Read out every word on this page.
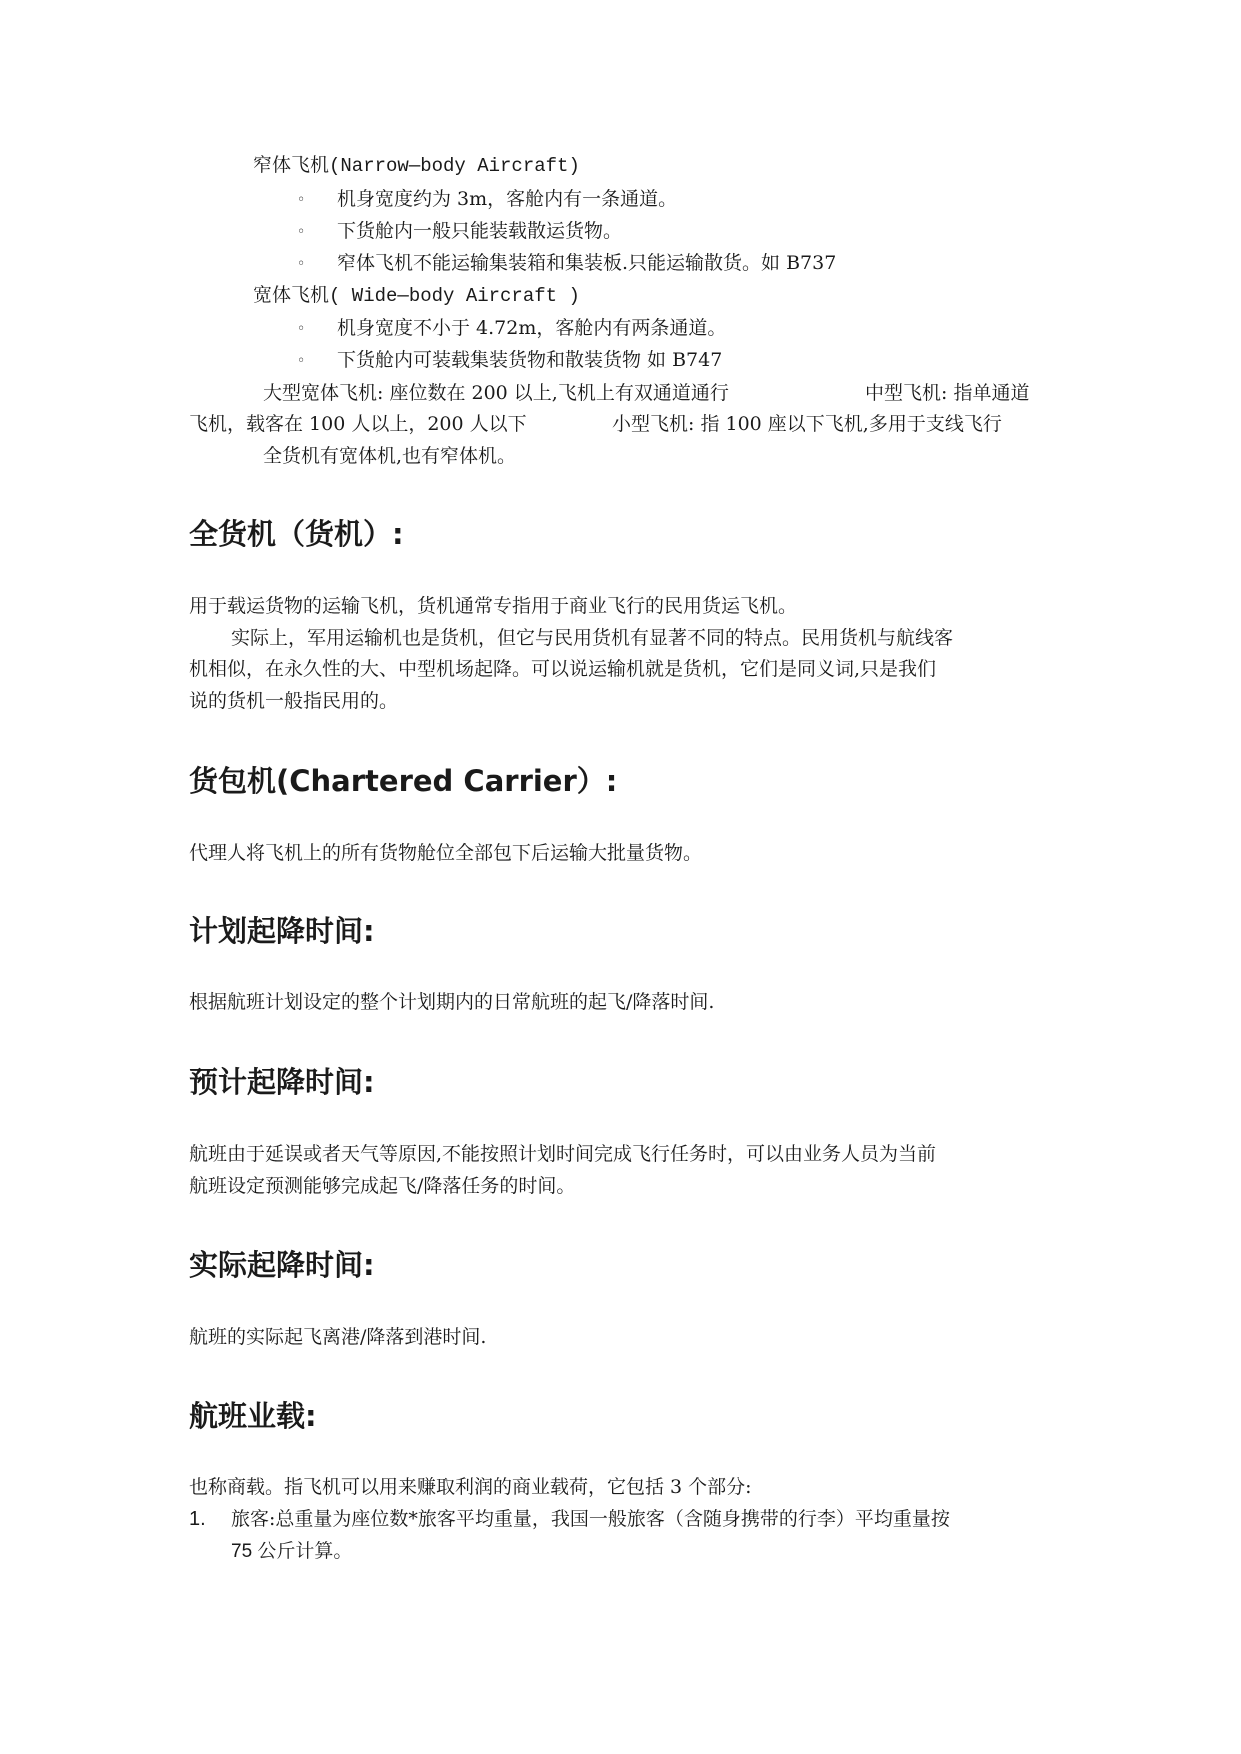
窄体飞机(Narrow—body Aircraft)
◦ 机身宽度约为 3m，客舱内有一条通道。
◦ 下货舱内一般只能装载散运货物。
◦ 窄体飞机不能运输集装箱和集装板.只能运输散货。如 B737
宽体飞机( Wide—body Aircraft )
◦ 机身宽度不小于 4.72m，客舱内有两条通道。
◦ 下货舱内可装载集装货物和散装货物 如 B747
大型宽体飞机: 座位数在 200 以上,飞机上有双通道通行	中型飞机: 指单通道
飞机，载客在 100 人以上，200 人以下	小型飞机: 指 100 座以下飞机,多用于支线飞行
全货机有宽体机,也有窄体机。
全货机（货机）:
用于载运货物的运输飞机，货机通常专指用于商业飞行的民用货运飞机。
实际上，军用运输机也是货机，但它与民用货机有显著不同的特点。民用货机与航线客
机相似，在永久性的大、中型机场起降。可以说运输机就是货机，它们是同义词,只是我们
说的货机一般指民用的。
货包机(Chartered Carrier）:
代理人将飞机上的所有货物舱位全部包下后运输大批量货物。
计划起降时间:
根据航班计划设定的整个计划期内的日常航班的起飞/降落时间.
预计起降时间:
航班由于延误或者天气等原因,不能按照计划时间完成飞行任务时，可以由业务人员为当前
航班设定预测能够完成起飞/降落任务的时间。
实际起降时间:
航班的实际起飞离港/降落到港时间.
航班业载:
也称商载。指飞机可以用来赚取利润的商业载荷，它包括 3 个部分:
1. 旅客:总重量为座位数*旅客平均重量，我国一般旅客（含随身携带的行李）平均重量按
75 公斤计算。
